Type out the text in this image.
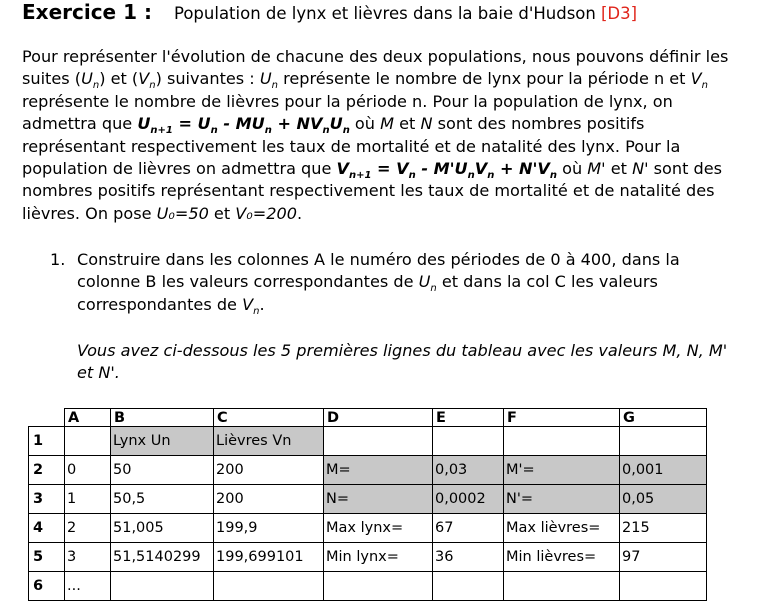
Exercice 1 : Population de lynx et lièvres dans la baie d'Hudson [D3]
Pour représenter l'évolution de chacune des deux populations, nous pouvons définir les suites $(U_n)$ et $(V_n)$ suivantes : $U_n$ représente le nombre de lynx pour la période n et $V_n$ représente le nombre de lièvres pour la période n. Pour la population de lynx, on admettra que $U_{n+1} = U_n - MU_n + NV_nU_n$ où M et N sont des nombres positifs représentant respectivement les taux de mortalité et de natalité des lynx. Pour la population de lièvres on admettra que $V_{n+1} = V_n - M'U_nV_n + N'V_n$ où M' et N' sont des nombres positifs représentant respectivement les taux de mortalité et de natalité des lièvres. On pose U₀=50 et V₀=200.
1. Construire dans les colonnes A le numéro des périodes de 0 à 400, dans la colonne B les valeurs correspondantes de $U_n$ et dans la col C les valeurs correspondantes de $V_n$.
Vous avez ci-dessous les 5 premières lignes du tableau avec les valeurs M, N, M' et N'.
	A	B	C	D	E	F	G
1		Lynx Un	Lièvres Vn				
2	0	50	200	M=	0,03	M'=	0,001
3	1	50,5	200	N=	0,0002	N'=	0,05
4	2	51,005	199,9	Max lynx=	67	Max lièvres=	215
5	3	51,5140299	199,699101	Min lynx=	36	Min lièvres=	97
6	...						
